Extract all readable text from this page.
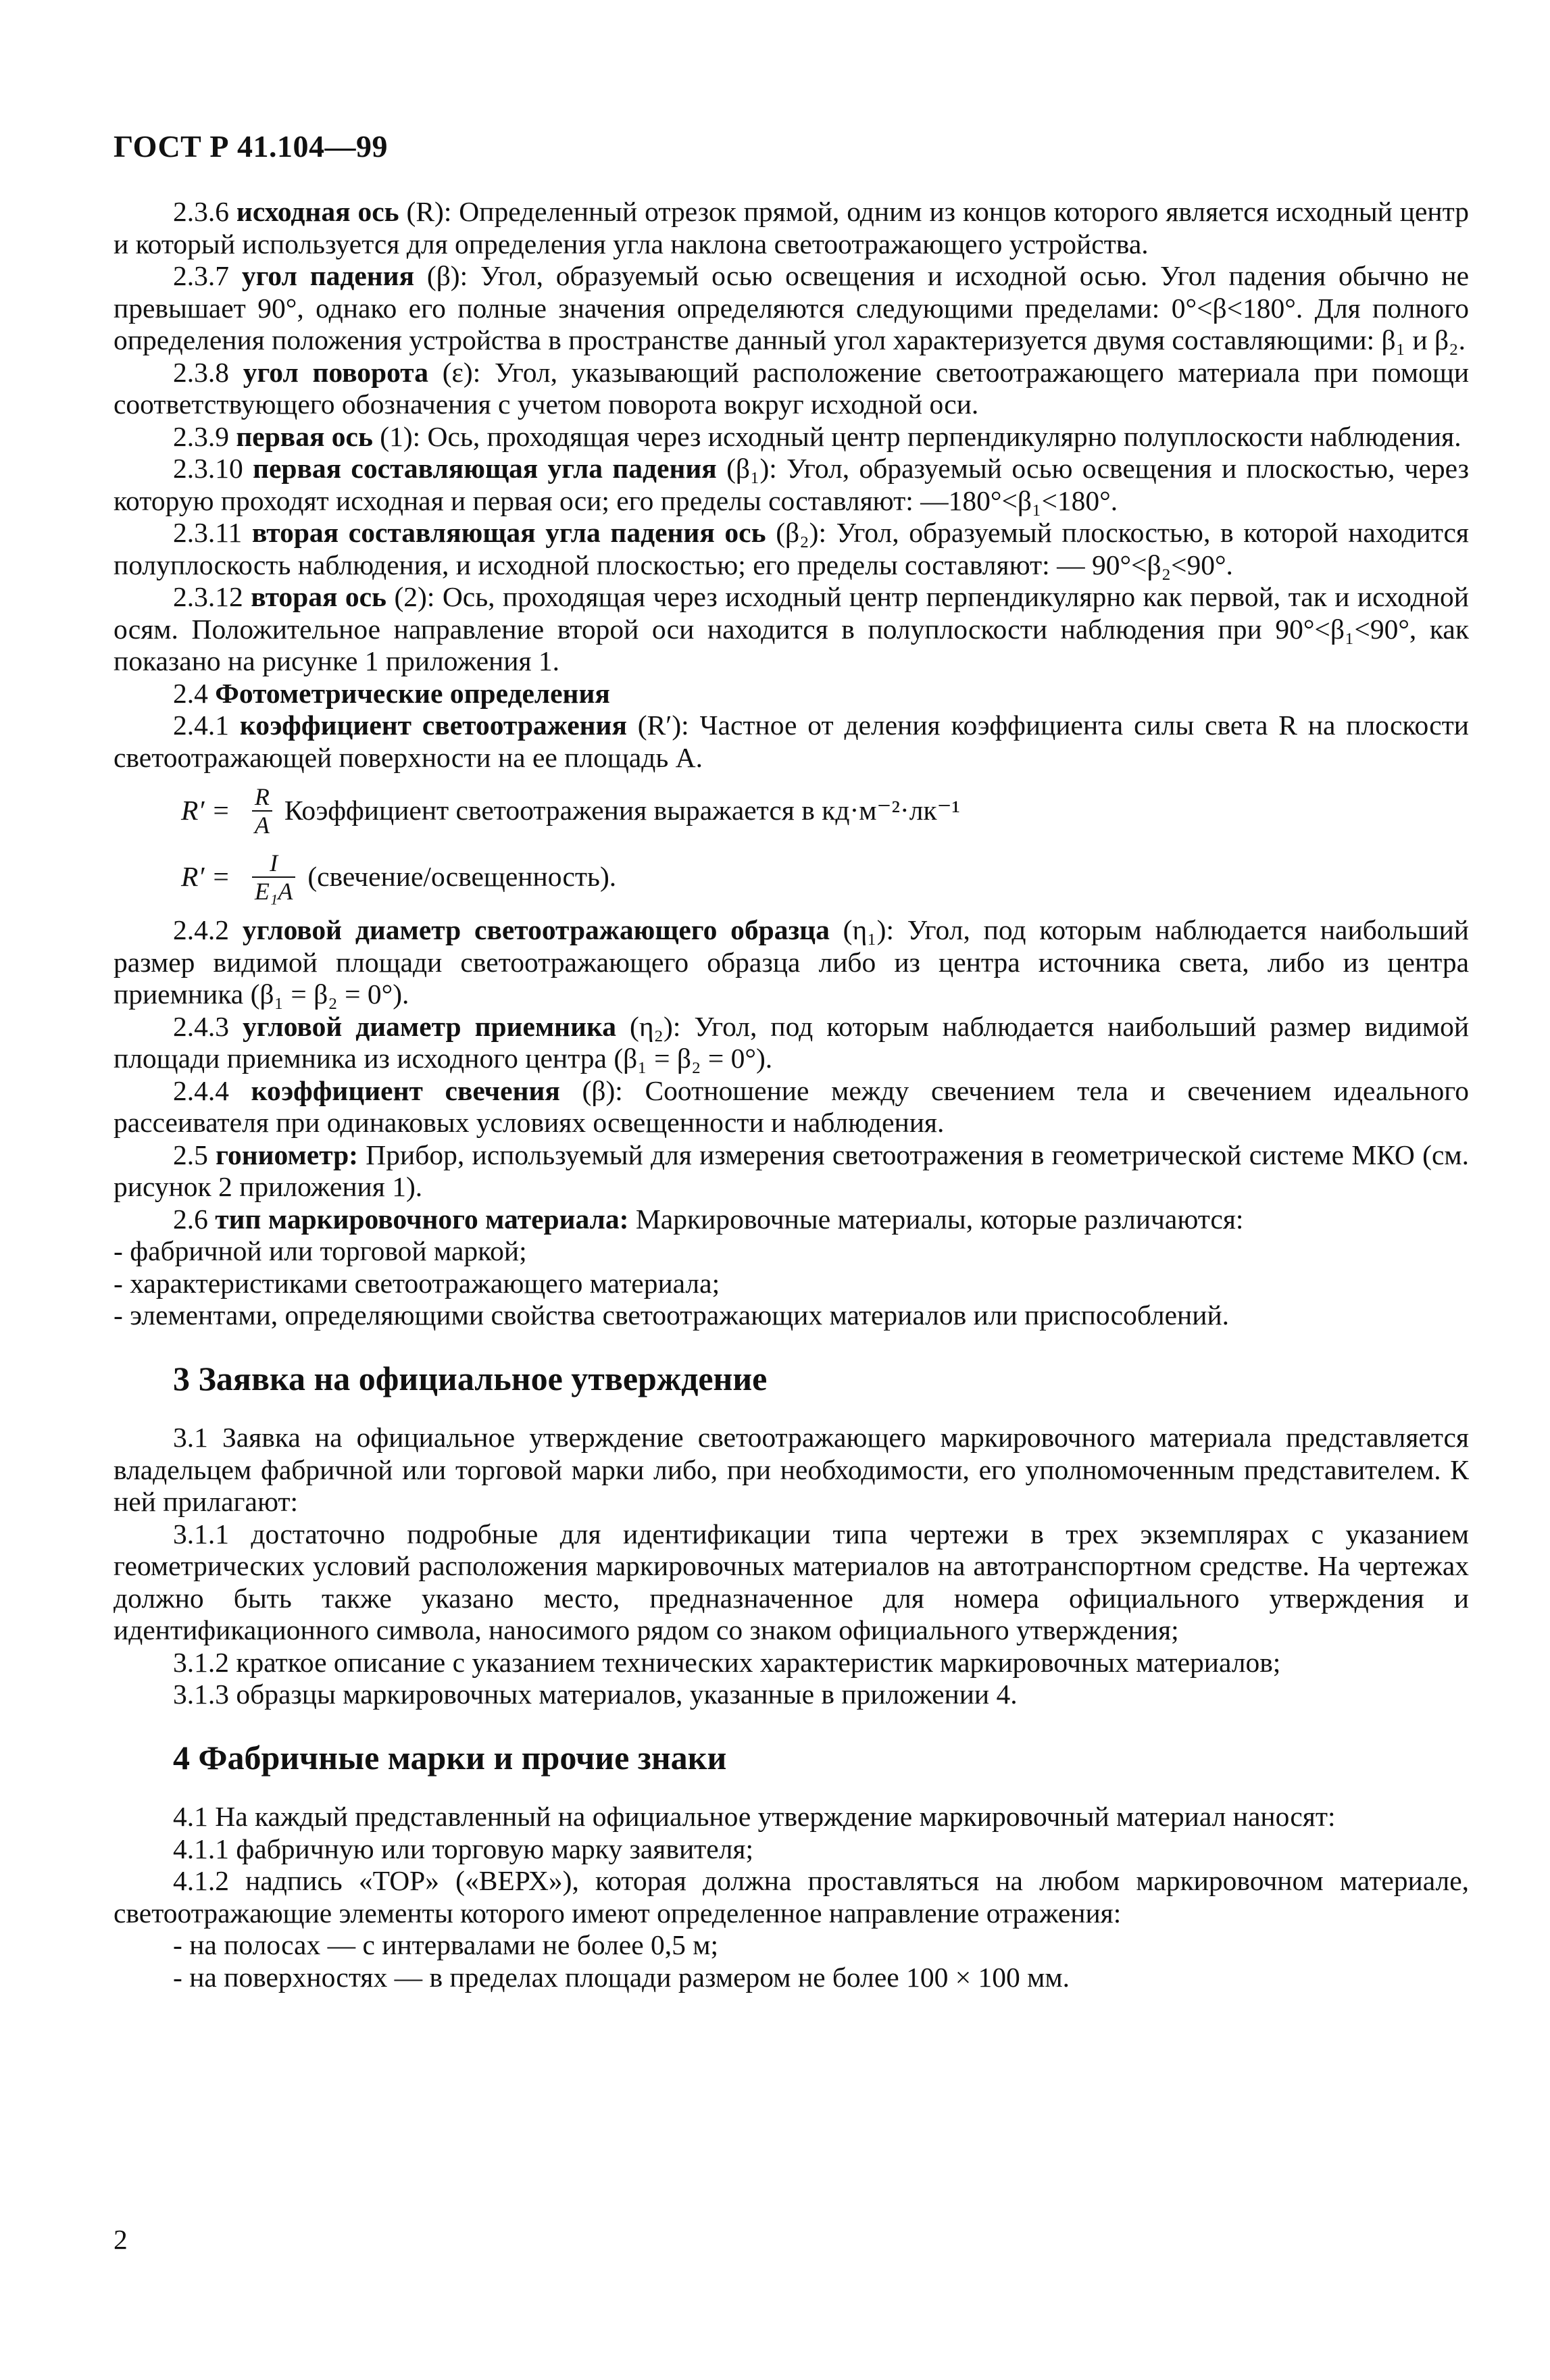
ГОСТ Р 41.104—99

2.3.6 исходная ось (R): Определенный отрезок прямой, одним из концов которого является исходный центр и который используется для определения угла наклона светоотражающего устройства.

2.3.7 угол падения (β): Угол, образуемый осью освещения и исходной осью. Угол падения обычно не превышает 90°, однако его полные значения определяются следующими пределами: 0°<β<180°. Для полного определения положения устройства в пространстве данный угол характеризуется двумя составляющими: β₁ и β₂.

2.3.8 угол поворота (ε): Угол, указывающий расположение светоотражающего материала при помощи соответствующего обозначения с учетом поворота вокруг исходной оси.

2.3.9 первая ось (1): Ось, проходящая через исходный центр перпендикулярно полуплоскости наблюдения.

2.3.10 первая составляющая угла падения (β₁): Угол, образуемый осью освещения и плоскостью, через которую проходят исходная и первая оси; его пределы составляют: —180°<β₁<180°.

2.3.11 вторая составляющая угла падения ось (β₂): Угол, образуемый плоскостью, в которой находится полуплоскость наблюдения, и исходной плоскостью; его пределы составляют: — 90°<β₂<90°.

2.3.12 вторая ось (2): Ось, проходящая через исходный центр перпендикулярно как первой, так и исходной осям. Положительное направление второй оси находится в полуплоскости наблюдения при 90°<β₁<90°, как показано на рисунке 1 приложения 1.

2.4 Фотометрические определения

2.4.1 коэффициент светоотражения (R′): Частное от деления коэффициента силы света R на плоскости светоотражающей поверхности на ее площадь A.

$R' = \frac{R}{A}$ Коэффициент светоотражения выражается в кд·м⁻²·лк⁻¹
$R' = \frac{I}{\text{E₁A}}$ (свечение/освещенность).

2.4.2 угловой диаметр светоотражающего образца (η₁): Угол, под которым наблюдается наибольший размер видимой площади светоотражающего образца либо из центра источника света, либо из центра приемника (β₁ = β₂ = 0°).

2.4.3 угловой диаметр приемника (η₂): Угол, под которым наблюдается наибольший размер видимой площади приемника из исходного центра (β₁ = β₂ = 0°).

2.4.4 коэффициент свечения (β): Соотношение между свечением тела и свечением идеального рассеивателя при одинаковых условиях освещенности и наблюдения.

2.5 гониометр: Прибор, используемый для измерения светоотражения в геометрической системе МКО (см. рисунок 2 приложения 1).

2.6 тип маркировочного материала: Маркировочные материалы, которые различаются:

- фабричной или торговой маркой;

- характеристиками светоотражающего материала;

- элементами, определяющими свойства светоотражающих материалов или приспособлений.

3 Заявка на официальное утверждение

3.1 Заявка на официальное утверждение светоотражающего маркировочного материала представляется владельцем фабричной или торговой марки либо, при необходимости, его уполномоченным представителем. К ней прилагают:

3.1.1 достаточно подробные для идентификации типа чертежи в трех экземплярах с указанием геометрических условий расположения маркировочных материалов на автотранспортном средстве. На чертежах должно быть также указано место, предназначенное для номера официального утверждения и идентификационного символа, наносимого рядом со знаком официального утверждения;

3.1.2 краткое описание с указанием технических характеристик маркировочных материалов;

3.1.3 образцы маркировочных материалов, указанные в приложении 4.

4 Фабричные марки и прочие знаки

4.1 На каждый представленный на официальное утверждение маркировочный материал наносят:

4.1.1 фабричную или торговую марку заявителя;

4.1.2 надпись «TOP» («ВЕРХ»), которая должна проставляться на любом маркировочном материале, светоотражающие элементы которого имеют определенное направление отражения:

- на полосах — с интервалами не более 0,5 м;

- на поверхностях — в пределах площади размером не более 100 × 100 мм.

2
